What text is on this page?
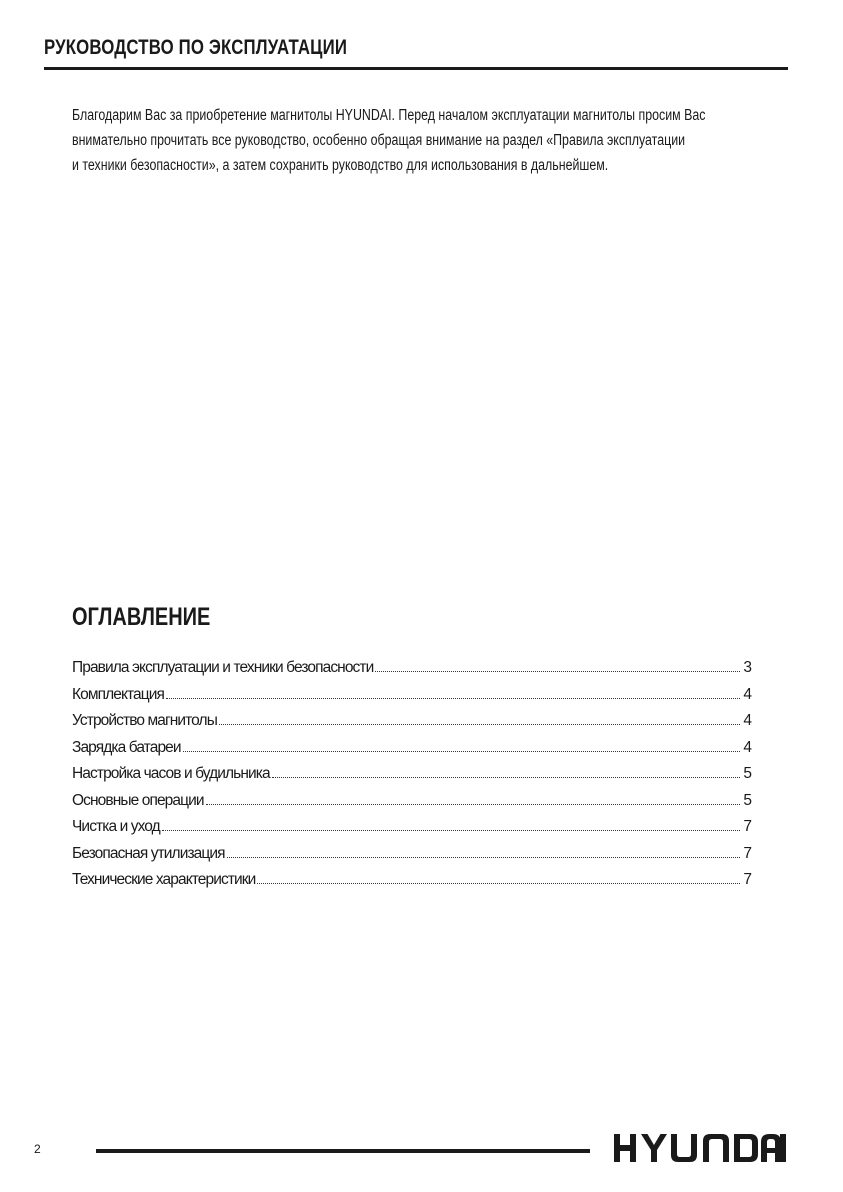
РУКОВОДСТВО ПО ЭКСПЛУАТАЦИИ
Благодарим Вас за приобретение магнитолы HYUNDAI. Перед началом эксплуатации магнитолы просим Вас
внимательно прочитать все руководство, особенно обращая внимание на раздел «Правила эксплуатации
и техники безопасности», а затем сохранить руководство для использования в дальнейшем.
ОГЛАВЛЕНИЕ
Правила эксплуатации и техники безопасности	3
Комплектация	4
Устройство магнитолы	4
Зарядка батареи	4
Настройка часов и будильника	5
Основные операции	5
Чистка и уход	7
Безопасная утилизация	7
Технические характеристики	7
2
